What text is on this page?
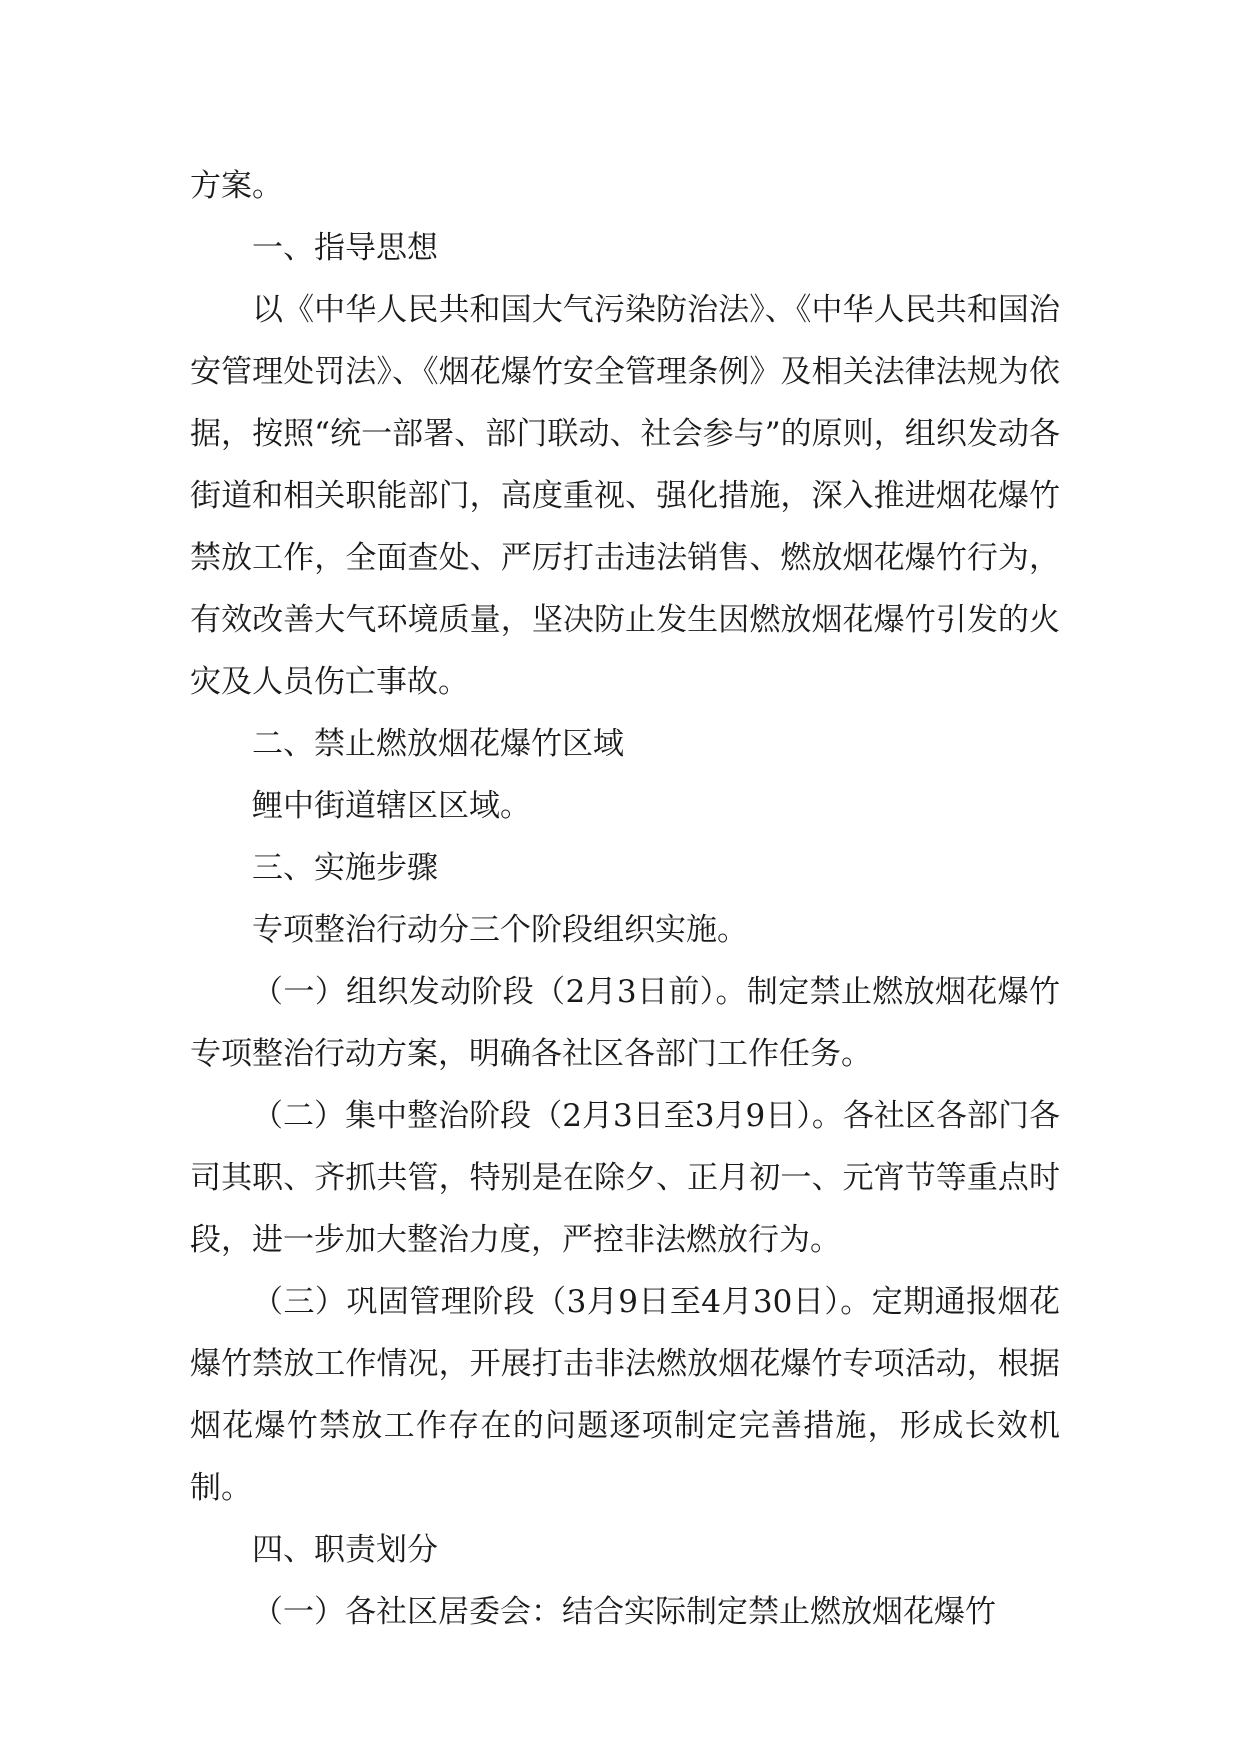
方案。

一、指导思想

以《中华人民共和国大气污染防治法》、《中华人民共和国治安管理处罚法》、《烟花爆竹安全管理条例》及相关法律法规为依据，按照“统一部署、部门联动、社会参与”的原则，组织发动各街道和相关职能部门，高度重视、强化措施，深入推进烟花爆竹禁放工作，全面查处、严厉打击违法销售、燃放烟花爆竹行为，有效改善大气环境质量，坚决防止发生因燃放烟花爆竹引发的火灾及人员伤亡事故。

二、禁止燃放烟花爆竹区域

鲤中街道辖区区域。

三、实施步骤

专项整治行动分三个阶段组织实施。

（一）组织发动阶段（2月3日前）。制定禁止燃放烟花爆竹专项整治行动方案，明确各社区各部门工作任务。

（二）集中整治阶段（2月3日至3月9日）。各社区各部门各司其职、齐抓共管，特别是在除夕、正月初一、元宵节等重点时段，进一步加大整治力度，严控非法燃放行为。

（三）巩固管理阶段（3月9日至4月30日）。定期通报烟花爆竹禁放工作情况，开展打击非法燃放烟花爆竹专项活动，根据烟花爆竹禁放工作存在的问题逐项制定完善措施，形成长效机制。

四、职责划分

（一）各社区居委会：结合实际制定禁止燃放烟花爆竹
